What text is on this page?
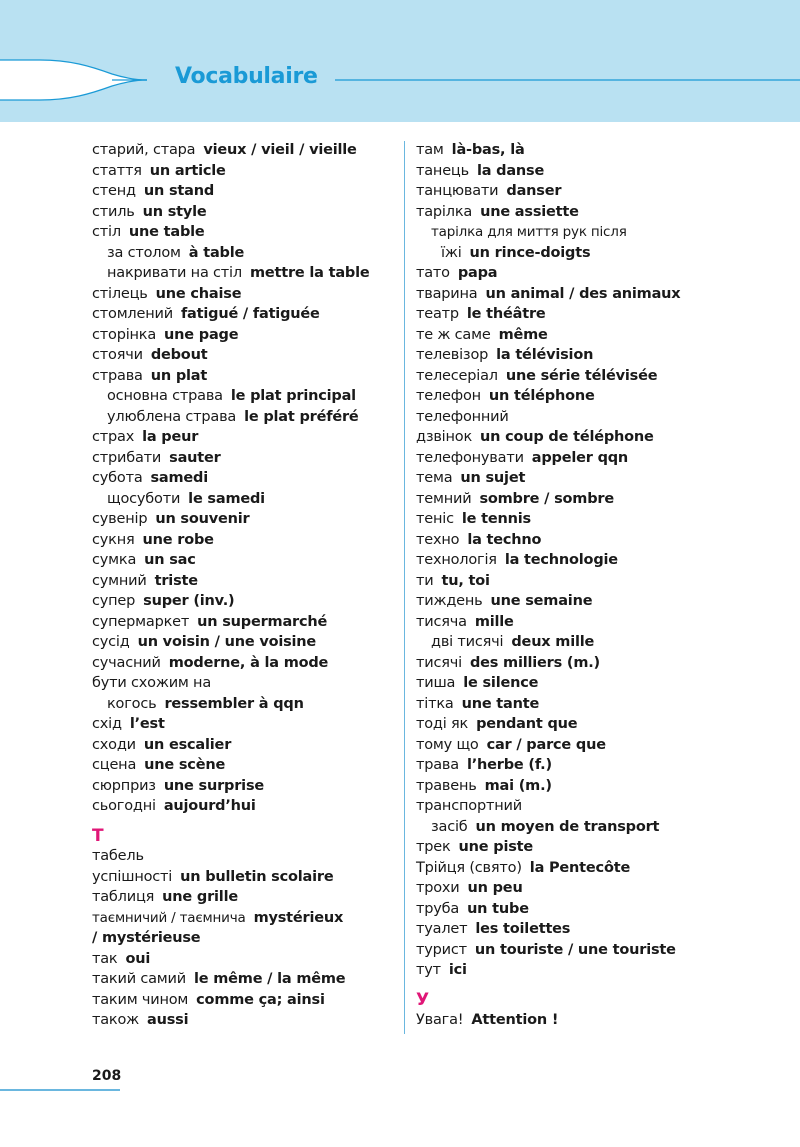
Vocabulaire
старий, стара vieux / vieil / vieille
стаття un article
стенд un stand
стиль un style
стіл une table
за столом à table
накривати на стіл mettre la table
стілець une chaise
стомлений fatigué / fatiguée
сторінка une page
стоячи debout
страва un plat
основна страва le plat principal
улюблена страва le plat préféré
страх la peur
стрибати sauter
субота samedi
щосуботи le samedi
сувенір un souvenir
сукня une robe
сумка un sac
сумний triste
супер super (inv.)
супермаркет un supermarché
сусід un voisin / une voisine
сучасний moderne, à la mode
бути схожим на
когось ressembler à qqn
схід l’est
сходи un escalier
сцена une scène
сюрприз une surprise
сьогодні aujourd’hui
Т
табель
успішності un bulletin scolaire
таблиця une grille
таємничий / таємнича mystérieux
/ mystérieuse
так oui
такий самий le même / la même
таким чином comme ça; ainsi
також aussi
там là-bas, là
танець la danse
танцювати danser
тарілка une assiette
тарілка для миття рук після
їжі un rince-doigts
тато papa
тварина un animal / des animaux
театр le théâtre
те ж саме même
телевізор la télévision
телесеріал une série télévisée
телефон un téléphone
телефонний
дзвінок un coup de téléphone
телефонувати appeler qqn
тема un sujet
темний sombre / sombre
теніс le tennis
техно la techno
технологія la technologie
ти tu, toi
тиждень une semaine
тисяча mille
дві тисячі deux mille
тисячі des milliers (m.)
тиша le silence
тітка une tante
тоді як pendant que
тому що car / parce que
трава l’herbe (f.)
травень mai (m.)
транспортний
засіб un moyen de transport
трек une piste
Трійця (свято) la Pentecôte
трохи un peu
труба un tube
туалет les toilettes
турист un touriste / une touriste
тут ici
У
Увага! Attention !
208
